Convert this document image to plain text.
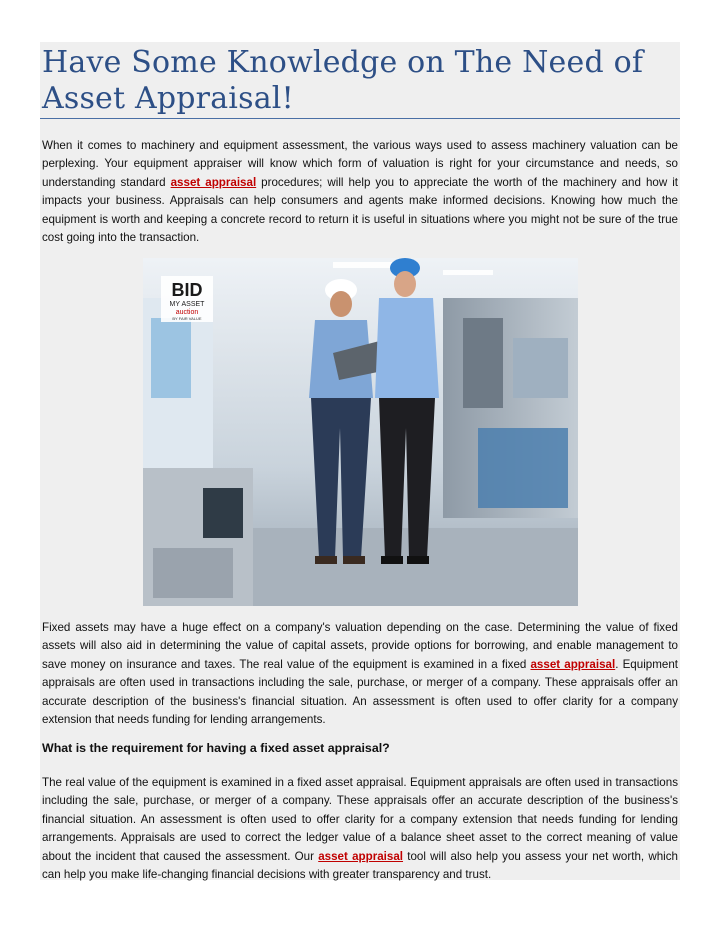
Have Some Knowledge on The Need of Asset Appraisal!

When it comes to machinery and equipment assessment, the various ways used to assess machinery valuation can be perplexing. Your equipment appraiser will know which form of valuation is right for your circumstance and needs, so understanding standard asset appraisal procedures; will help you to appreciate the worth of the machinery and how it impacts your business. Appraisals can help consumers and agents make informed decisions. Knowing how much the equipment is worth and keeping a concrete record to return it is useful in situations where you might not be sure of the true cost going into the transaction.

BID
MY ASSET
auction
BY FAIR VALUE

Fixed assets may have a huge effect on a company's valuation depending on the case. Determining the value of fixed assets will also aid in determining the value of capital assets, provide options for borrowing, and enable management to save money on insurance and taxes. The real value of the equipment is examined in a fixed asset appraisal. Equipment appraisals are often used in transactions including the sale, purchase, or merger of a company. These appraisals offer an accurate description of the business's financial situation. An assessment is often used to offer clarity for a company extension that needs funding for lending arrangements.

What is the requirement for having a fixed asset appraisal?

The real value of the equipment is examined in a fixed asset appraisal. Equipment appraisals are often used in transactions including the sale, purchase, or merger of a company. These appraisals offer an accurate description of the business's financial situation. An assessment is often used to offer clarity for a company extension that needs funding for lending arrangements. Appraisals are used to correct the ledger value of a balance sheet asset to the correct meaning of value about the incident that caused the assessment. Our asset appraisal tool will also help you assess your net worth, which can help you make life-changing financial decisions with greater transparency and trust.
